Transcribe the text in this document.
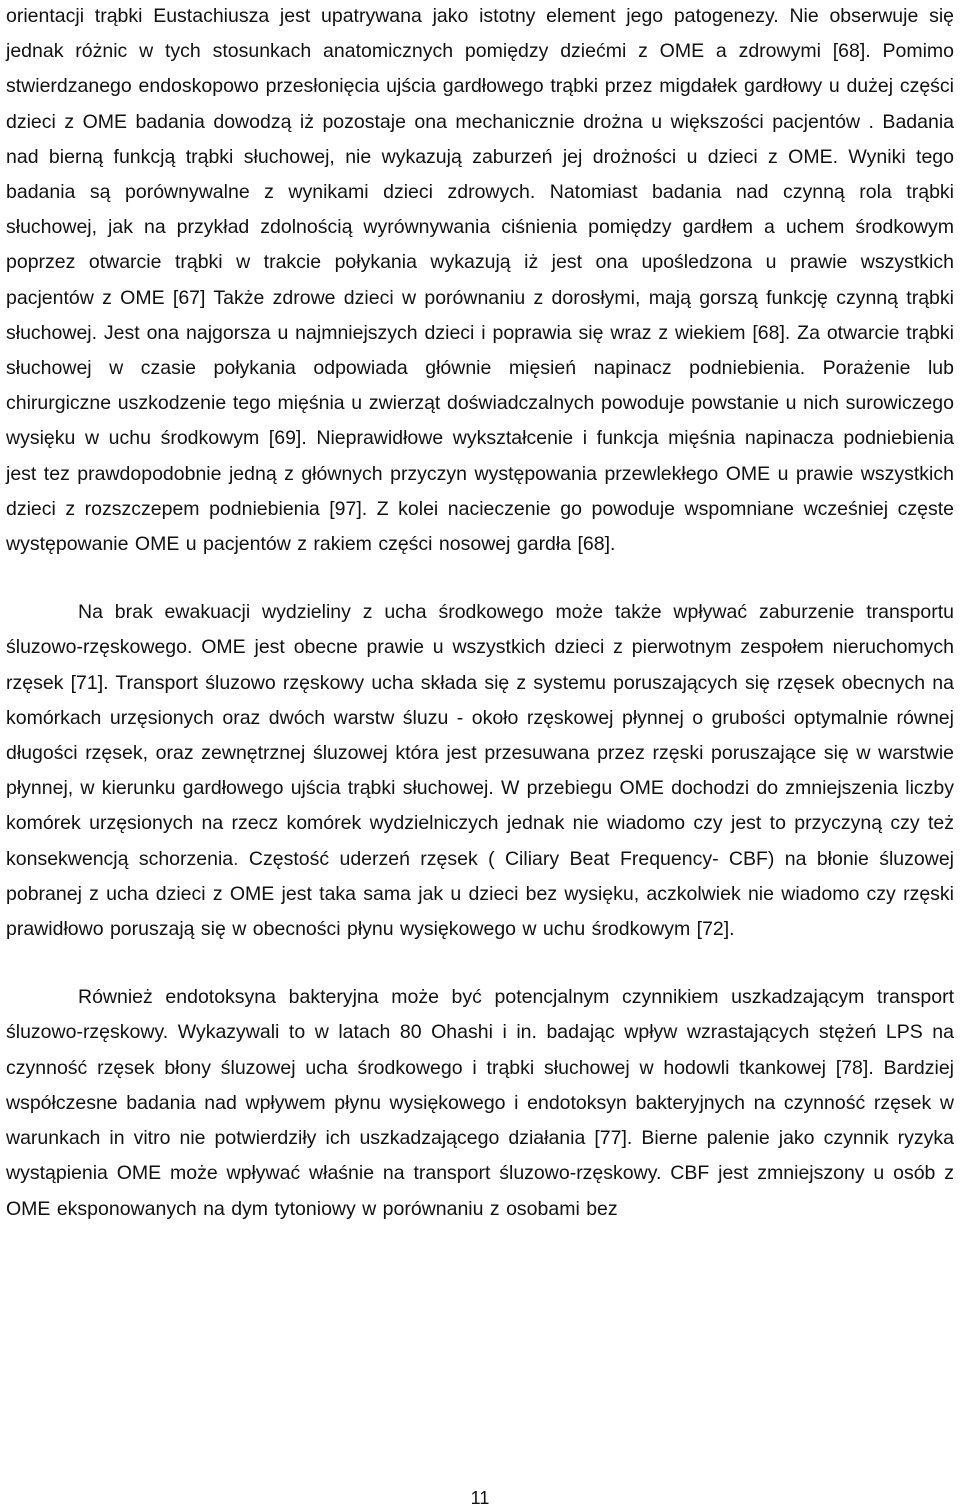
orientacji trąbki Eustachiusza jest upatrywana jako istotny element jego patogenezy. Nie obserwuje się jednak różnic w tych stosunkach anatomicznych pomiędzy dziećmi z OME a zdrowymi [68]. Pomimo stwierdzanego endoskopowo przesłonięcia ujścia gardłowego trąbki przez migdałek gardłowy u dużej części dzieci z OME badania dowodzą iż pozostaje ona mechanicznie drożna u większości pacjentów . Badania nad bierną funkcją trąbki słuchowej, nie wykazują zaburzeń jej drożności u dzieci z OME. Wyniki tego badania są porównywalne z wynikami dzieci zdrowych. Natomiast badania nad czynną rola trąbki słuchowej, jak na przykład zdolnością wyrównywania ciśnienia pomiędzy gardłem a uchem środkowym poprzez otwarcie trąbki w trakcie połykania wykazują iż jest ona upośledzona u prawie wszystkich pacjentów z OME [67] Także zdrowe dzieci w porównaniu z dorosłymi, mają gorszą funkcję czynną trąbki słuchowej. Jest ona najgorsza u najmniejszych dzieci i poprawia się wraz z wiekiem [68]. Za otwarcie trąbki słuchowej w czasie połykania odpowiada głównie mięsień napinacz podniebienia. Porażenie lub chirurgiczne uszkodzenie tego mięśnia u zwierząt doświadczalnych powoduje powstanie u nich surowiczego wysięku w uchu środkowym [69]. Nieprawidłowe wykształcenie i funkcja mięśnia napinacza podniebienia jest tez prawdopodobnie jedną z głównych przyczyn występowania przewlekłego OME u prawie wszystkich dzieci z rozszczepem podniebienia [97]. Z kolei nacieczenie go powoduje wspomniane wcześniej częste występowanie OME u pacjentów z rakiem części nosowej gardła [68].

Na brak ewakuacji wydzieliny z ucha środkowego może także wpływać zaburzenie transportu śluzowo-rzęskowego. OME jest obecne prawie u wszystkich dzieci z pierwotnym zespołem nieruchomych rzęsek [71]. Transport śluzowo rzęskowy ucha składa się z systemu poruszających się rzęsek obecnych na komórkach urzęsionych oraz dwóch warstw śluzu - około rzęskowej płynnej o grubości optymalnie równej długości rzęsek, oraz zewnętrznej śluzowej która jest przesuwana przez rzęski poruszające się w warstwie płynnej, w kierunku gardłowego ujścia trąbki słuchowej. W przebiegu OME dochodzi do zmniejszenia liczby komórek urzęsionych na rzecz komórek wydzielniczych jednak nie wiadomo czy jest to przyczyną czy też konsekwencją schorzenia. Częstość uderzeń rzęsek ( Ciliary Beat Frequency- CBF) na błonie śluzowej pobranej z ucha dzieci z OME jest taka sama jak u dzieci bez wysięku, aczkolwiek nie wiadomo czy rzęski prawidłowo poruszają się w obecności płynu wysiękowego w uchu środkowym [72].

Również endotoksyna bakteryjna może być potencjalnym czynnikiem uszkadzającym transport śluzowo-rzęskowy. Wykazywali to w latach 80 Ohashi i in. badając wpływ wzrastających stężeń LPS na czynność rzęsek błony śluzowej ucha środkowego i trąbki słuchowej w hodowli tkankowej [78]. Bardziej współczesne badania nad wpływem płynu wysiękowego i endotoksyn bakteryjnych na czynność rzęsek w warunkach in vitro nie potwierdziły ich uszkadzającego działania [77]. Bierne palenie jako czynnik ryzyka wystąpienia OME może wpływać właśnie na transport śluzowo-rzęskowy. CBF jest zmniejszony u osób z OME eksponowanych na dym tytoniowy w porównaniu z osobami bez

11
